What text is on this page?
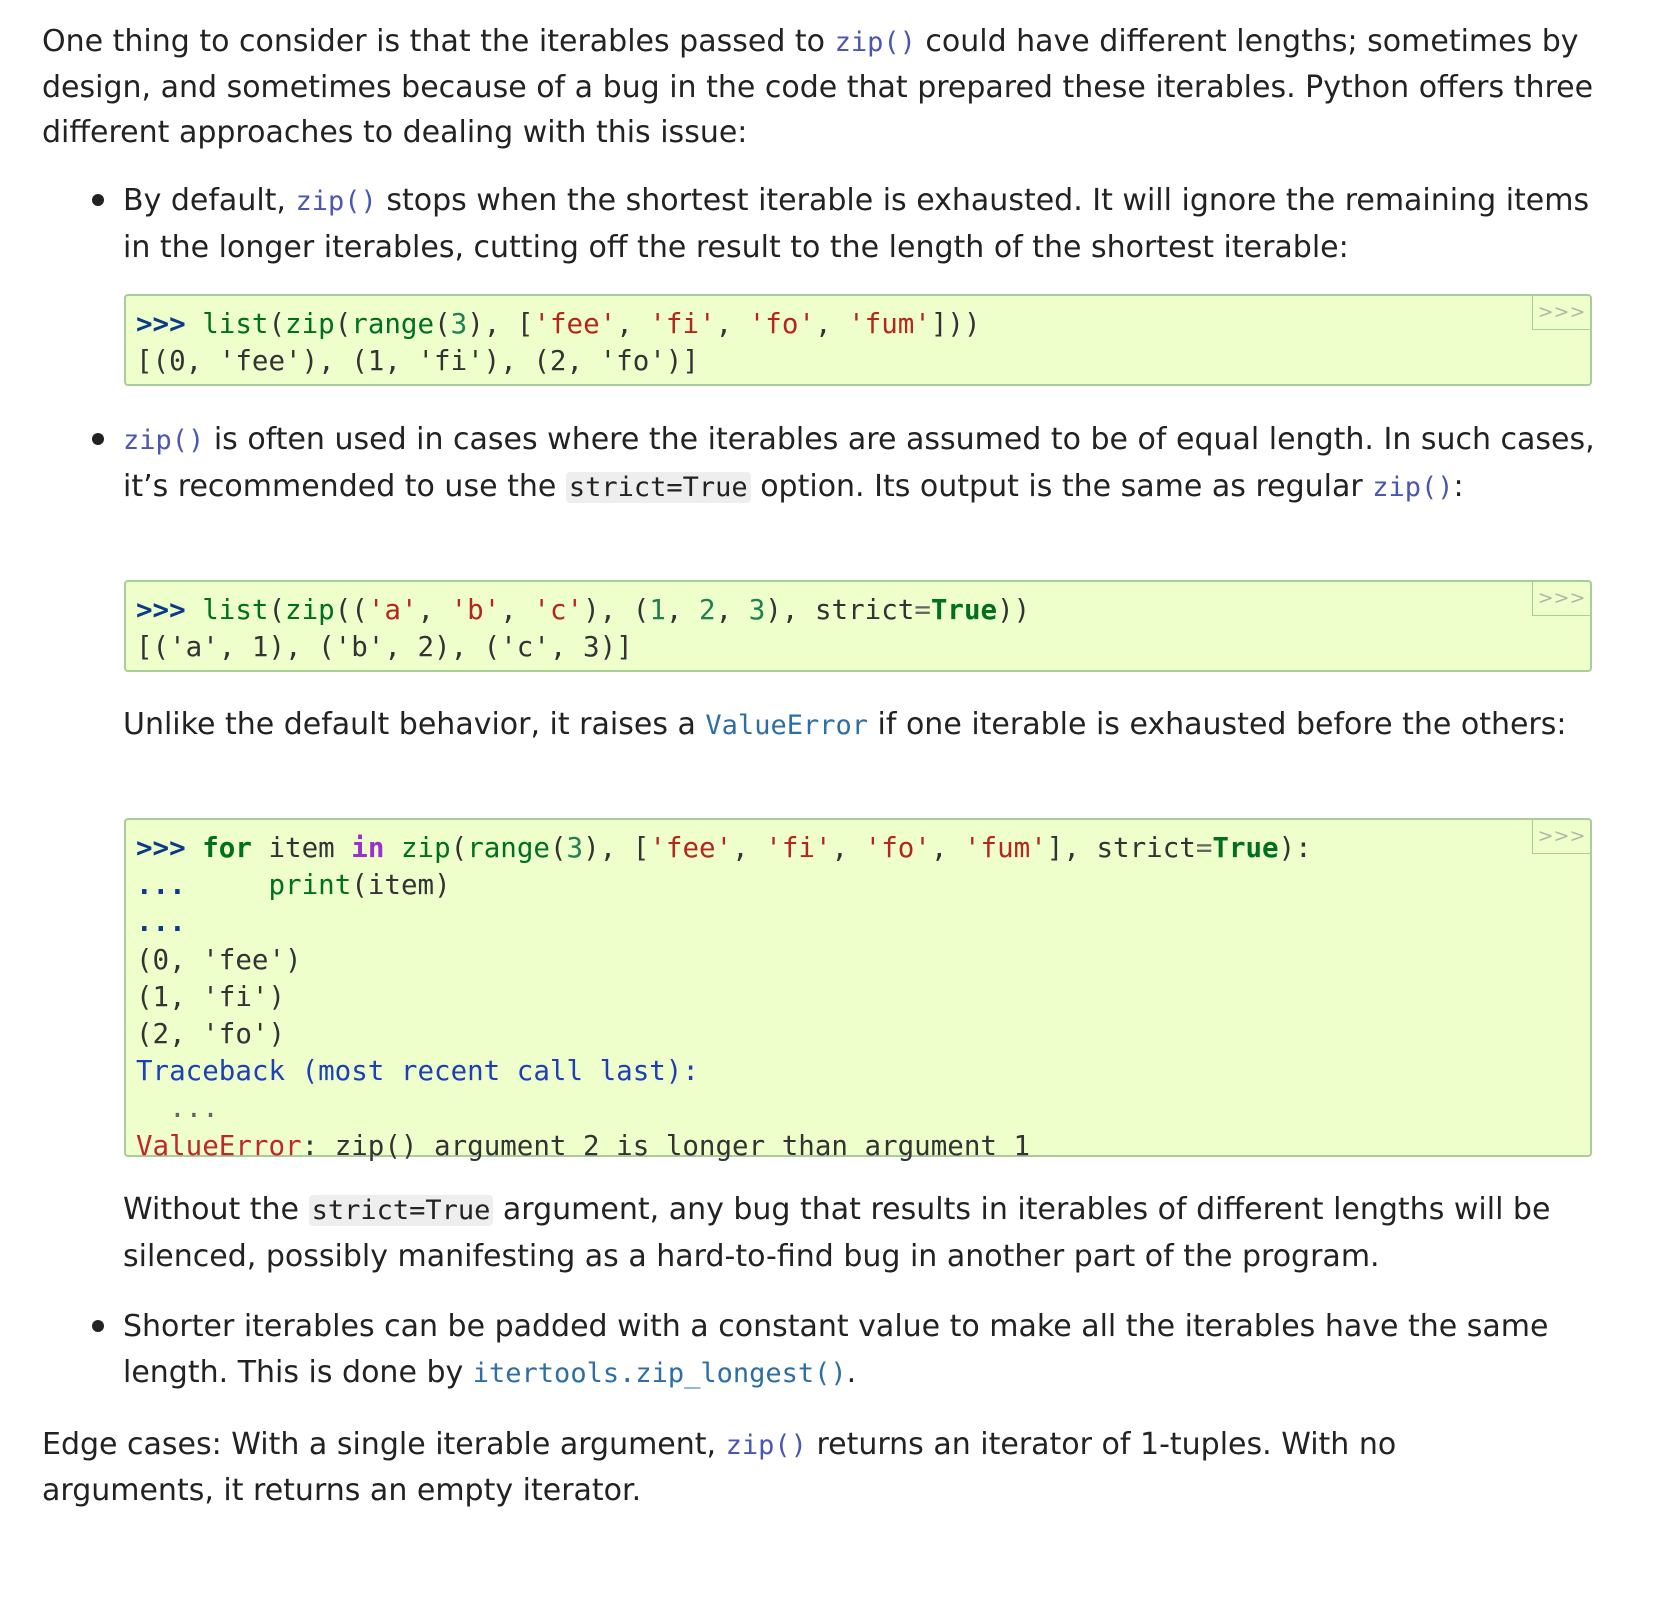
One thing to consider is that the iterables passed to zip() could have different lengths; sometimes by design, and sometimes because of a bug in the code that prepared these iterables. Python offers three different approaches to dealing with this issue:

By default, zip() stops when the shortest iterable is exhausted. It will ignore the remaining items in the longer iterables, cutting off the result to the length of the shortest iterable:

>>>
>>> list(zip(range(3), ['fee', 'fi', 'fo', 'fum']))
[(0, 'fee'), (1, 'fi'), (2, 'fo')]

zip() is often used in cases where the iterables are assumed to be of equal length. In such cases, it’s recommended to use the strict=True option. Its output is the same as regular zip():

>>>
>>> list(zip(('a', 'b', 'c'), (1, 2, 3), strict=True))
[('a', 1), ('b', 2), ('c', 3)]

Unlike the default behavior, it raises a ValueError if one iterable is exhausted before the others:

>>>
>>> for item in zip(range(3), ['fee', 'fi', 'fo', 'fum'], strict=True):
...	print(item)
...
(0, 'fee')
(1, 'fi')
(2, 'fo')
Traceback (most recent call last):
...
ValueError: zip() argument 2 is longer than argument 1

Without the strict=True argument, any bug that results in iterables of different lengths will be silenced, possibly manifesting as a hard-to-find bug in another part of the program.

Shorter iterables can be padded with a constant value to make all the iterables have the same length. This is done by itertools.zip_longest().

Edge cases: With a single iterable argument, zip() returns an iterator of 1-tuples. With no arguments, it returns an empty iterator.
